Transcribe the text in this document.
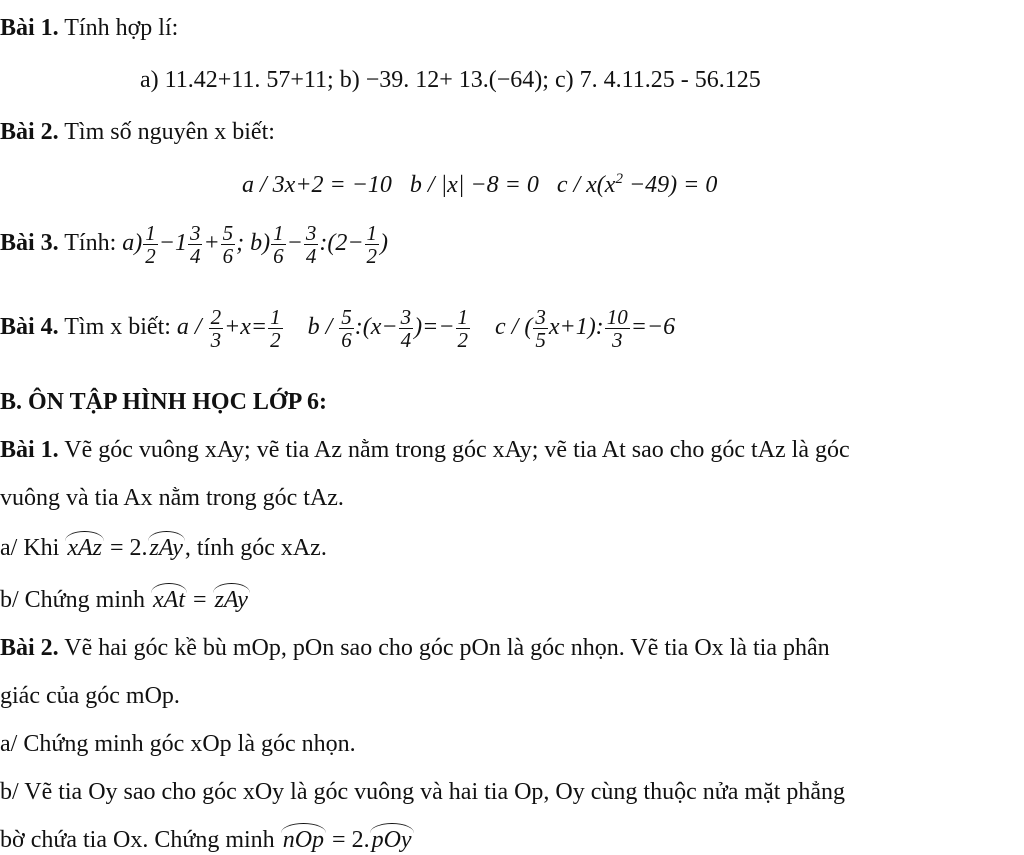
Bài 1. Tính hợp lí:
a) 11.42+11. 57+11; b) −39. 12+ 13.(−64); c) 7. 4.11.25 - 56.125
Bài 2. Tìm số nguyên x biết:
a / 3x+2 = −10 b / |x| −8 = 0 $c / x(x^2 -49) = 0$
Bài 3. Tính: $a) \frac{1}{2} -1 \frac{3}{4} + \frac{5}{6}$ ; $b) \frac{1}{6} - \frac{3}{4}$ :(2− $\frac{1}{2}$ )
Bài 4. Tìm x biết: $a / \frac{2}{3} +x= \frac{1}{2}$ b / $\frac{5}{6}$ :(x− $\frac{3}{4}$ )=− $\frac{1}{2}$ c / ( $\frac{3}{5} x+1$): $\frac{10}{3} =-6$
B. ÔN TẬP HÌNH HỌC LỚP 6:
Bài 1. Vẽ góc vuông xAy; vẽ tia Az nằm trong góc xAy; vẽ tia At sao cho góc tAz là góc
vuông và tia Ax nằm trong góc tAz.
a/ Khi xAz = 2.zAy, tính góc xAz.
b/ Chứng minh xAt = zAy
Bài 2. Vẽ hai góc kề bù mOp, pOn sao cho góc pOn là góc nhọn. Vẽ tia Ox là tia phân
giác của góc mOp.
a/ Chứng minh góc xOp là góc nhọn.
b/ Vẽ tia Oy sao cho góc xOy là góc vuông và hai tia Op, Oy cùng thuộc nửa mặt phẳng
bờ chứa tia Ox. Chứng minh nOp = 2.pOy
